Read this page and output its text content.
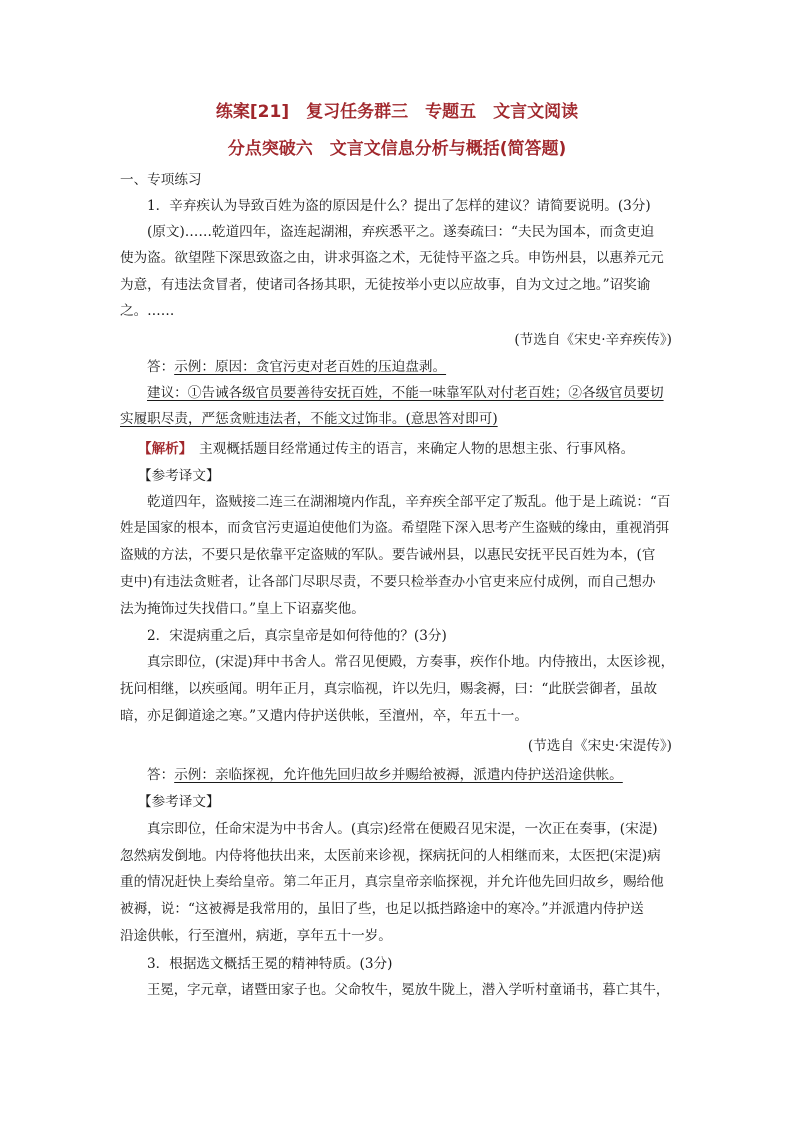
练案[21]　复习任务群三　专题五　文言文阅读
分点突破六　文言文信息分析与概括(简答题)
一、专项练习
1．辛弃疾认为导致百姓为盗的原因是什么？提出了怎样的建议？请简要说明。(3分)
(原文)……乾道四年，盗连起湖湘，弃疾悉平之。遂奏疏曰：“夫民为国本，而贪吏迫
使为盗。欲望陛下深思致盗之由，讲求弭盗之术，无徒恃平盗之兵。申饬州县，以惠养元元
为意，有违法贪冒者，使诸司各扬其职，无徒按举小吏以应故事，自为文过之地。”诏奖谕
之。……
(节选自《宋史·辛弃疾传》)
答：示例：原因：贪官污吏对老百姓的压迫盘剥。
建议：①告诫各级官员要善待安抚百姓，不能一味靠军队对付老百姓；②各级官员要切
实履职尽责，严惩贪赃违法者，不能文过饰非。(意思答对即可)
【解析】　 主观概括题目经常通过传主的语言，来确定人物的思想主张、行事风格。
【参考译文】
乾道四年，盗贼接二连三在湖湘境内作乱，辛弃疾全部平定了叛乱。他于是上疏说：“百
姓是国家的根本，而贪官污吏逼迫使他们为盗。希望陛下深入思考产生盗贼的缘由，重视消弭
盗贼的方法，不要只是依靠平定盗贼的军队。要告诫州县，以惠民安抚平民百姓为本，(官
吏中)有违法贪赃者，让各部门尽职尽责，不要只检举查办小官吏来应付成例，而自己想办
法为掩饰过失找借口。”皇上下诏嘉奖他。
2．宋湜病重之后，真宗皇帝是如何待他的？(3分)
真宗即位，(宋湜)拜中书舍人。常召见便殿，方奏事，疾作仆地。内侍掖出，太医诊视，
抚问相继，以疾亟闻。明年正月，真宗临视，许以先归，赐衾褥，曰：“此朕尝御者，虽故
暗，亦足御道途之寒。”又遣内侍护送供帐，至澶州，卒，年五十一。
(节选自《宋史·宋湜传》)
答：示例：亲临探视，允许他先回归故乡并赐给被褥，派遣内侍护送沿途供帐。
【参考译文】
真宗即位，任命宋湜为中书舍人。(真宗)经常在便殿召见宋湜，一次正在奏事，(宋湜)
忽然病发倒地。内侍将他扶出来，太医前来诊视，探病抚问的人相继而来，太医把(宋湜)病
重的情况赶快上奏给皇帝。第二年正月，真宗皇帝亲临探视，并允许他先回归故乡，赐给他
被褥，说：“这被褥是我常用的，虽旧了些，也足以抵挡路途中的寒冷。”并派遣内侍护送
沿途供帐，行至澶州，病逝，享年五十一岁。
3．根据选文概括王冕的精神特质。(3分)
王冕，字元章，诸暨田家子也。父命牧牛，冕放牛陇上，潜入学听村童诵书，暮亡其牛，
